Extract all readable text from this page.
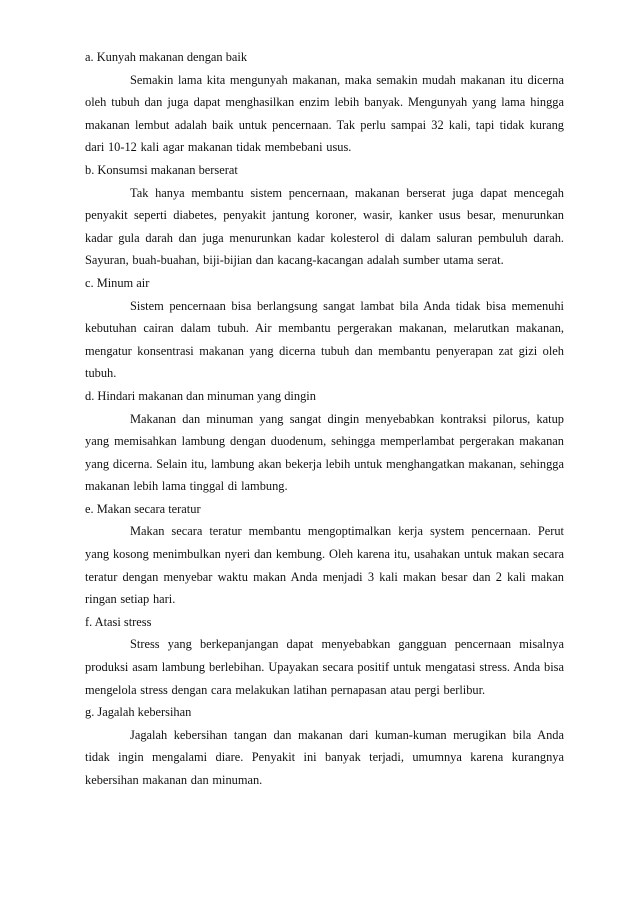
a. Kunyah makanan dengan baik

Semakin lama kita mengunyah makanan, maka semakin mudah makanan itu dicerna oleh tubuh dan juga dapat menghasilkan enzim lebih banyak. Mengunyah yang lama hingga makanan lembut adalah baik untuk pencernaan. Tak perlu sampai 32 kali, tapi tidak kurang dari 10-12 kali agar makanan tidak membebani usus.

b. Konsumsi makanan berserat

Tak hanya membantu sistem pencernaan, makanan berserat juga dapat mencegah penyakit seperti diabetes, penyakit jantung koroner, wasir, kanker usus besar, menurunkan kadar gula darah dan juga menurunkan kadar kolesterol di dalam saluran pembuluh darah. Sayuran, buah-buahan, biji-bijian dan kacang-kacangan adalah sumber utama serat.

c. Minum air

Sistem pencernaan bisa berlangsung sangat lambat bila Anda tidak bisa memenuhi kebutuhan cairan dalam tubuh. Air membantu pergerakan makanan, melarutkan makanan, mengatur konsentrasi makanan yang dicerna tubuh dan membantu penyerapan zat gizi oleh tubuh.

d. Hindari makanan dan minuman yang dingin

Makanan dan minuman yang sangat dingin menyebabkan kontraksi pilorus, katup yang memisahkan lambung dengan duodenum, sehingga memperlambat pergerakan makanan yang dicerna. Selain itu, lambung akan bekerja lebih untuk menghangatkan makanan, sehingga makanan lebih lama tinggal di lambung.

e. Makan secara teratur

Makan secara teratur membantu mengoptimalkan kerja system pencernaan. Perut yang kosong menimbulkan nyeri dan kembung. Oleh karena itu, usahakan untuk makan secara teratur dengan menyebar waktu makan Anda menjadi 3 kali makan besar dan 2 kali makan ringan setiap hari.

f. Atasi stress

Stress yang berkepanjangan dapat menyebabkan gangguan pencernaan misalnya produksi asam lambung berlebihan. Upayakan secara positif untuk mengatasi stress. Anda bisa mengelola stress dengan cara melakukan latihan pernapasan atau pergi berlibur.

g. Jagalah kebersihan

Jagalah kebersihan tangan dan makanan dari kuman-kuman merugikan bila Anda tidak ingin mengalami diare. Penyakit ini banyak terjadi, umumnya karena kurangnya kebersihan makanan dan minuman.
